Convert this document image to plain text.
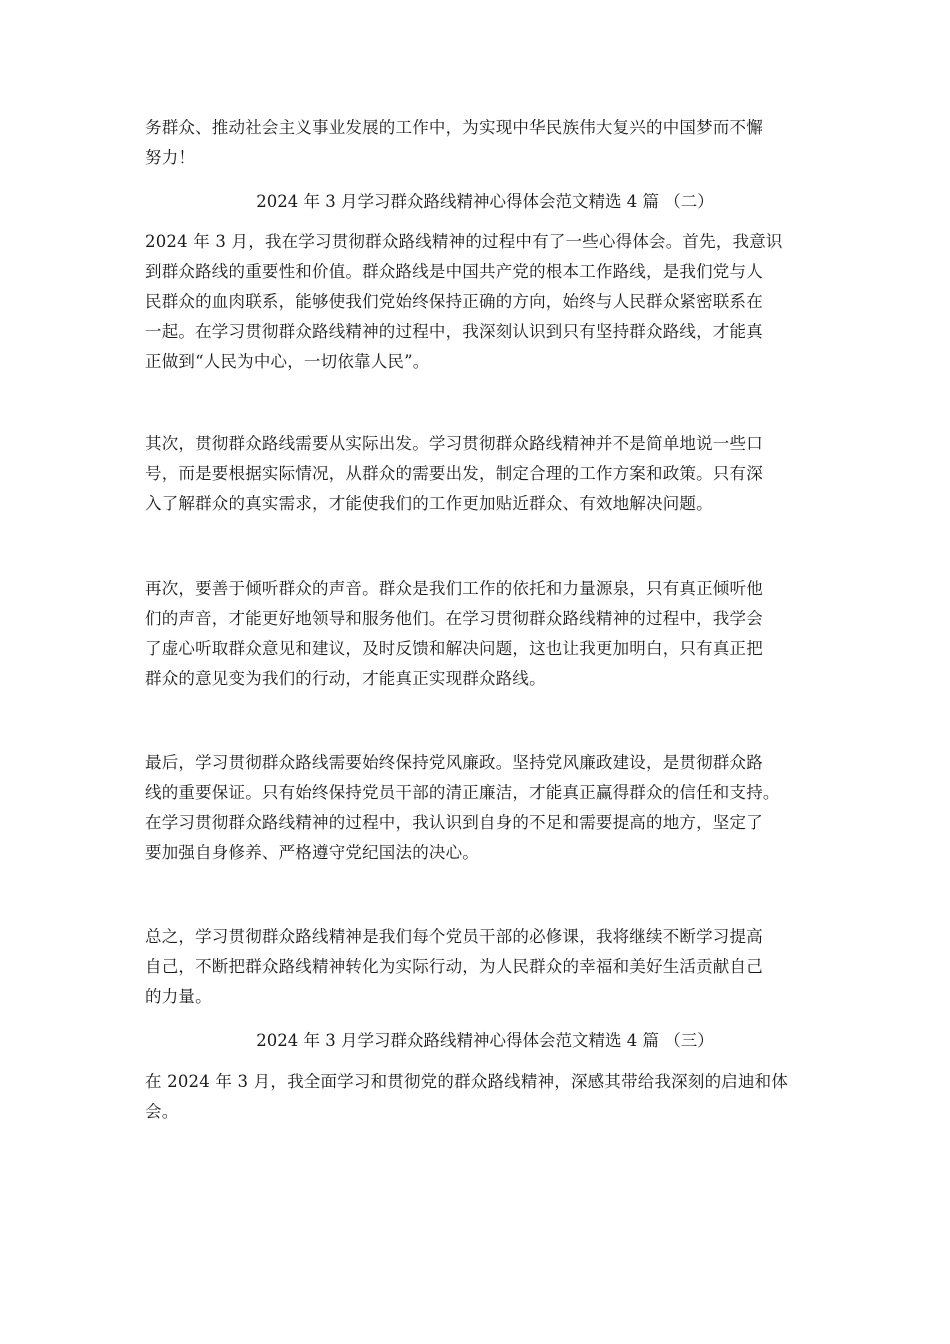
务群众、推动社会主义事业发展的工作中，为实现中华民族伟大复兴的中国梦而不懈
努力！
2024 年 3 月学习群众路线精神心得体会范文精选 4 篇 （二）
2024 年 3 月，我在学习贯彻群众路线精神的过程中有了一些心得体会。首先，我意识
到群众路线的重要性和价值。群众路线是中国共产党的根本工作路线，是我们党与人
民群众的血肉联系，能够使我们党始终保持正确的方向，始终与人民群众紧密联系在
一起。在学习贯彻群众路线精神的过程中，我深刻认识到只有坚持群众路线，才能真
正做到“人民为中心，一切依靠人民”。
其次，贯彻群众路线需要从实际出发。学习贯彻群众路线精神并不是简单地说一些口
号，而是要根据实际情况，从群众的需要出发，制定合理的工作方案和政策。只有深
入了解群众的真实需求，才能使我们的工作更加贴近群众、有效地解决问题。
再次，要善于倾听群众的声音。群众是我们工作的依托和力量源泉，只有真正倾听他
们的声音，才能更好地领导和服务他们。在学习贯彻群众路线精神的过程中，我学会
了虚心听取群众意见和建议，及时反馈和解决问题，这也让我更加明白，只有真正把
群众的意见变为我们的行动，才能真正实现群众路线。
最后，学习贯彻群众路线需要始终保持党风廉政。坚持党风廉政建设，是贯彻群众路
线的重要保证。只有始终保持党员干部的清正廉洁，才能真正赢得群众的信任和支持。
在学习贯彻群众路线精神的过程中，我认识到自身的不足和需要提高的地方，坚定了
要加强自身修养、严格遵守党纪国法的决心。
总之，学习贯彻群众路线精神是我们每个党员干部的必修课，我将继续不断学习提高
自己，不断把群众路线精神转化为实际行动，为人民群众的幸福和美好生活贡献自己
的力量。
2024 年 3 月学习群众路线精神心得体会范文精选 4 篇 （三）
在 2024 年 3 月，我全面学习和贯彻党的群众路线精神，深感其带给我深刻的启迪和体
会。
